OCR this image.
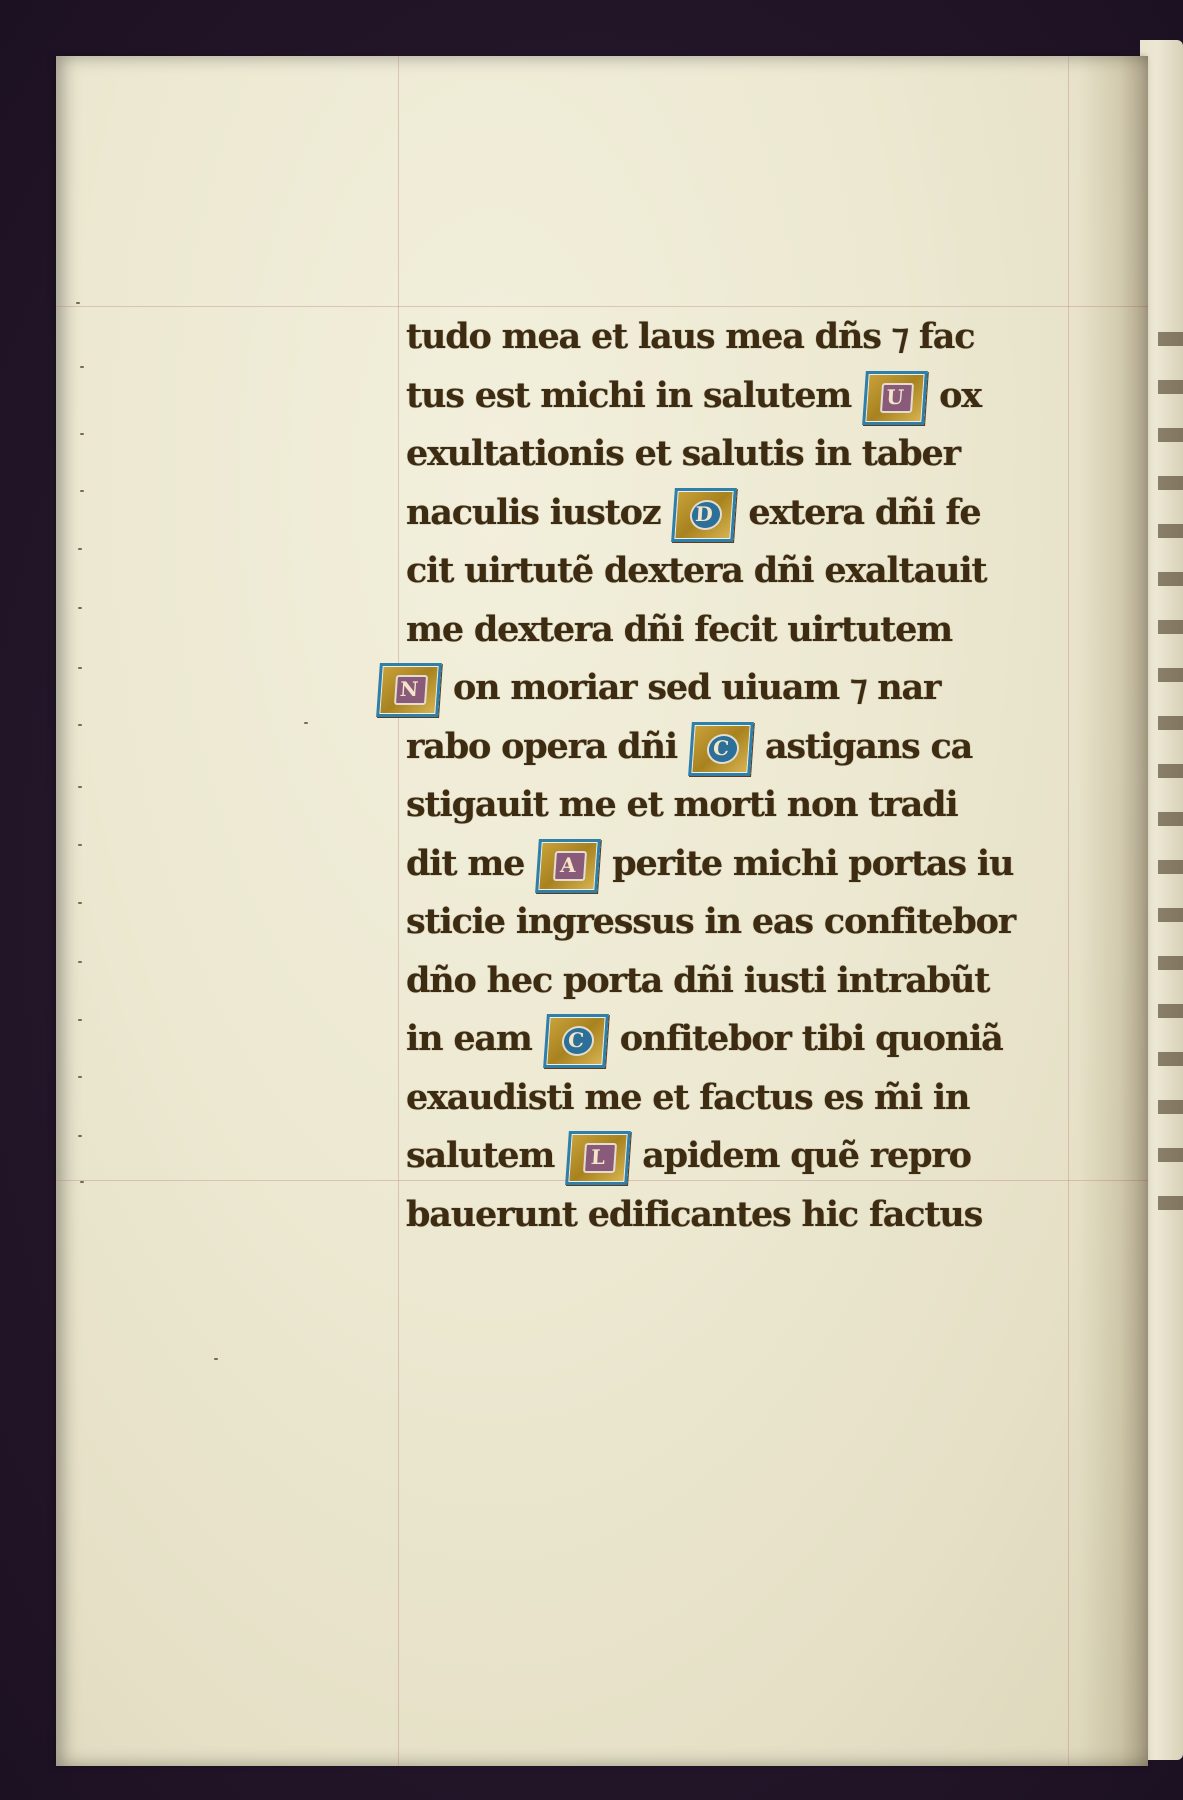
tudo mea et laus mea dñs ⁊ fac
tus est michi in salutem	U ox
exultationis et salutis in taber
naculis iustoz	D extera dñi fe
cit uirtutẽ dextera dñi exaltauit
me dextera dñi fecit uirtutem
N on moriar sed uiuam ⁊ nar
rabo opera dñi	C	astigans ca
stigauit me et morti non tradi
dit me	A	perite michi portas iu
sticie ingressus in eas confitebor
dño hec porta dñi iusti intrabũt
in eam	C	onfitebor tibi quoniã
exaudisti me et factus es m̃i in
salutem	L	apidem quẽ repro
bauerunt edificantes hic factus
